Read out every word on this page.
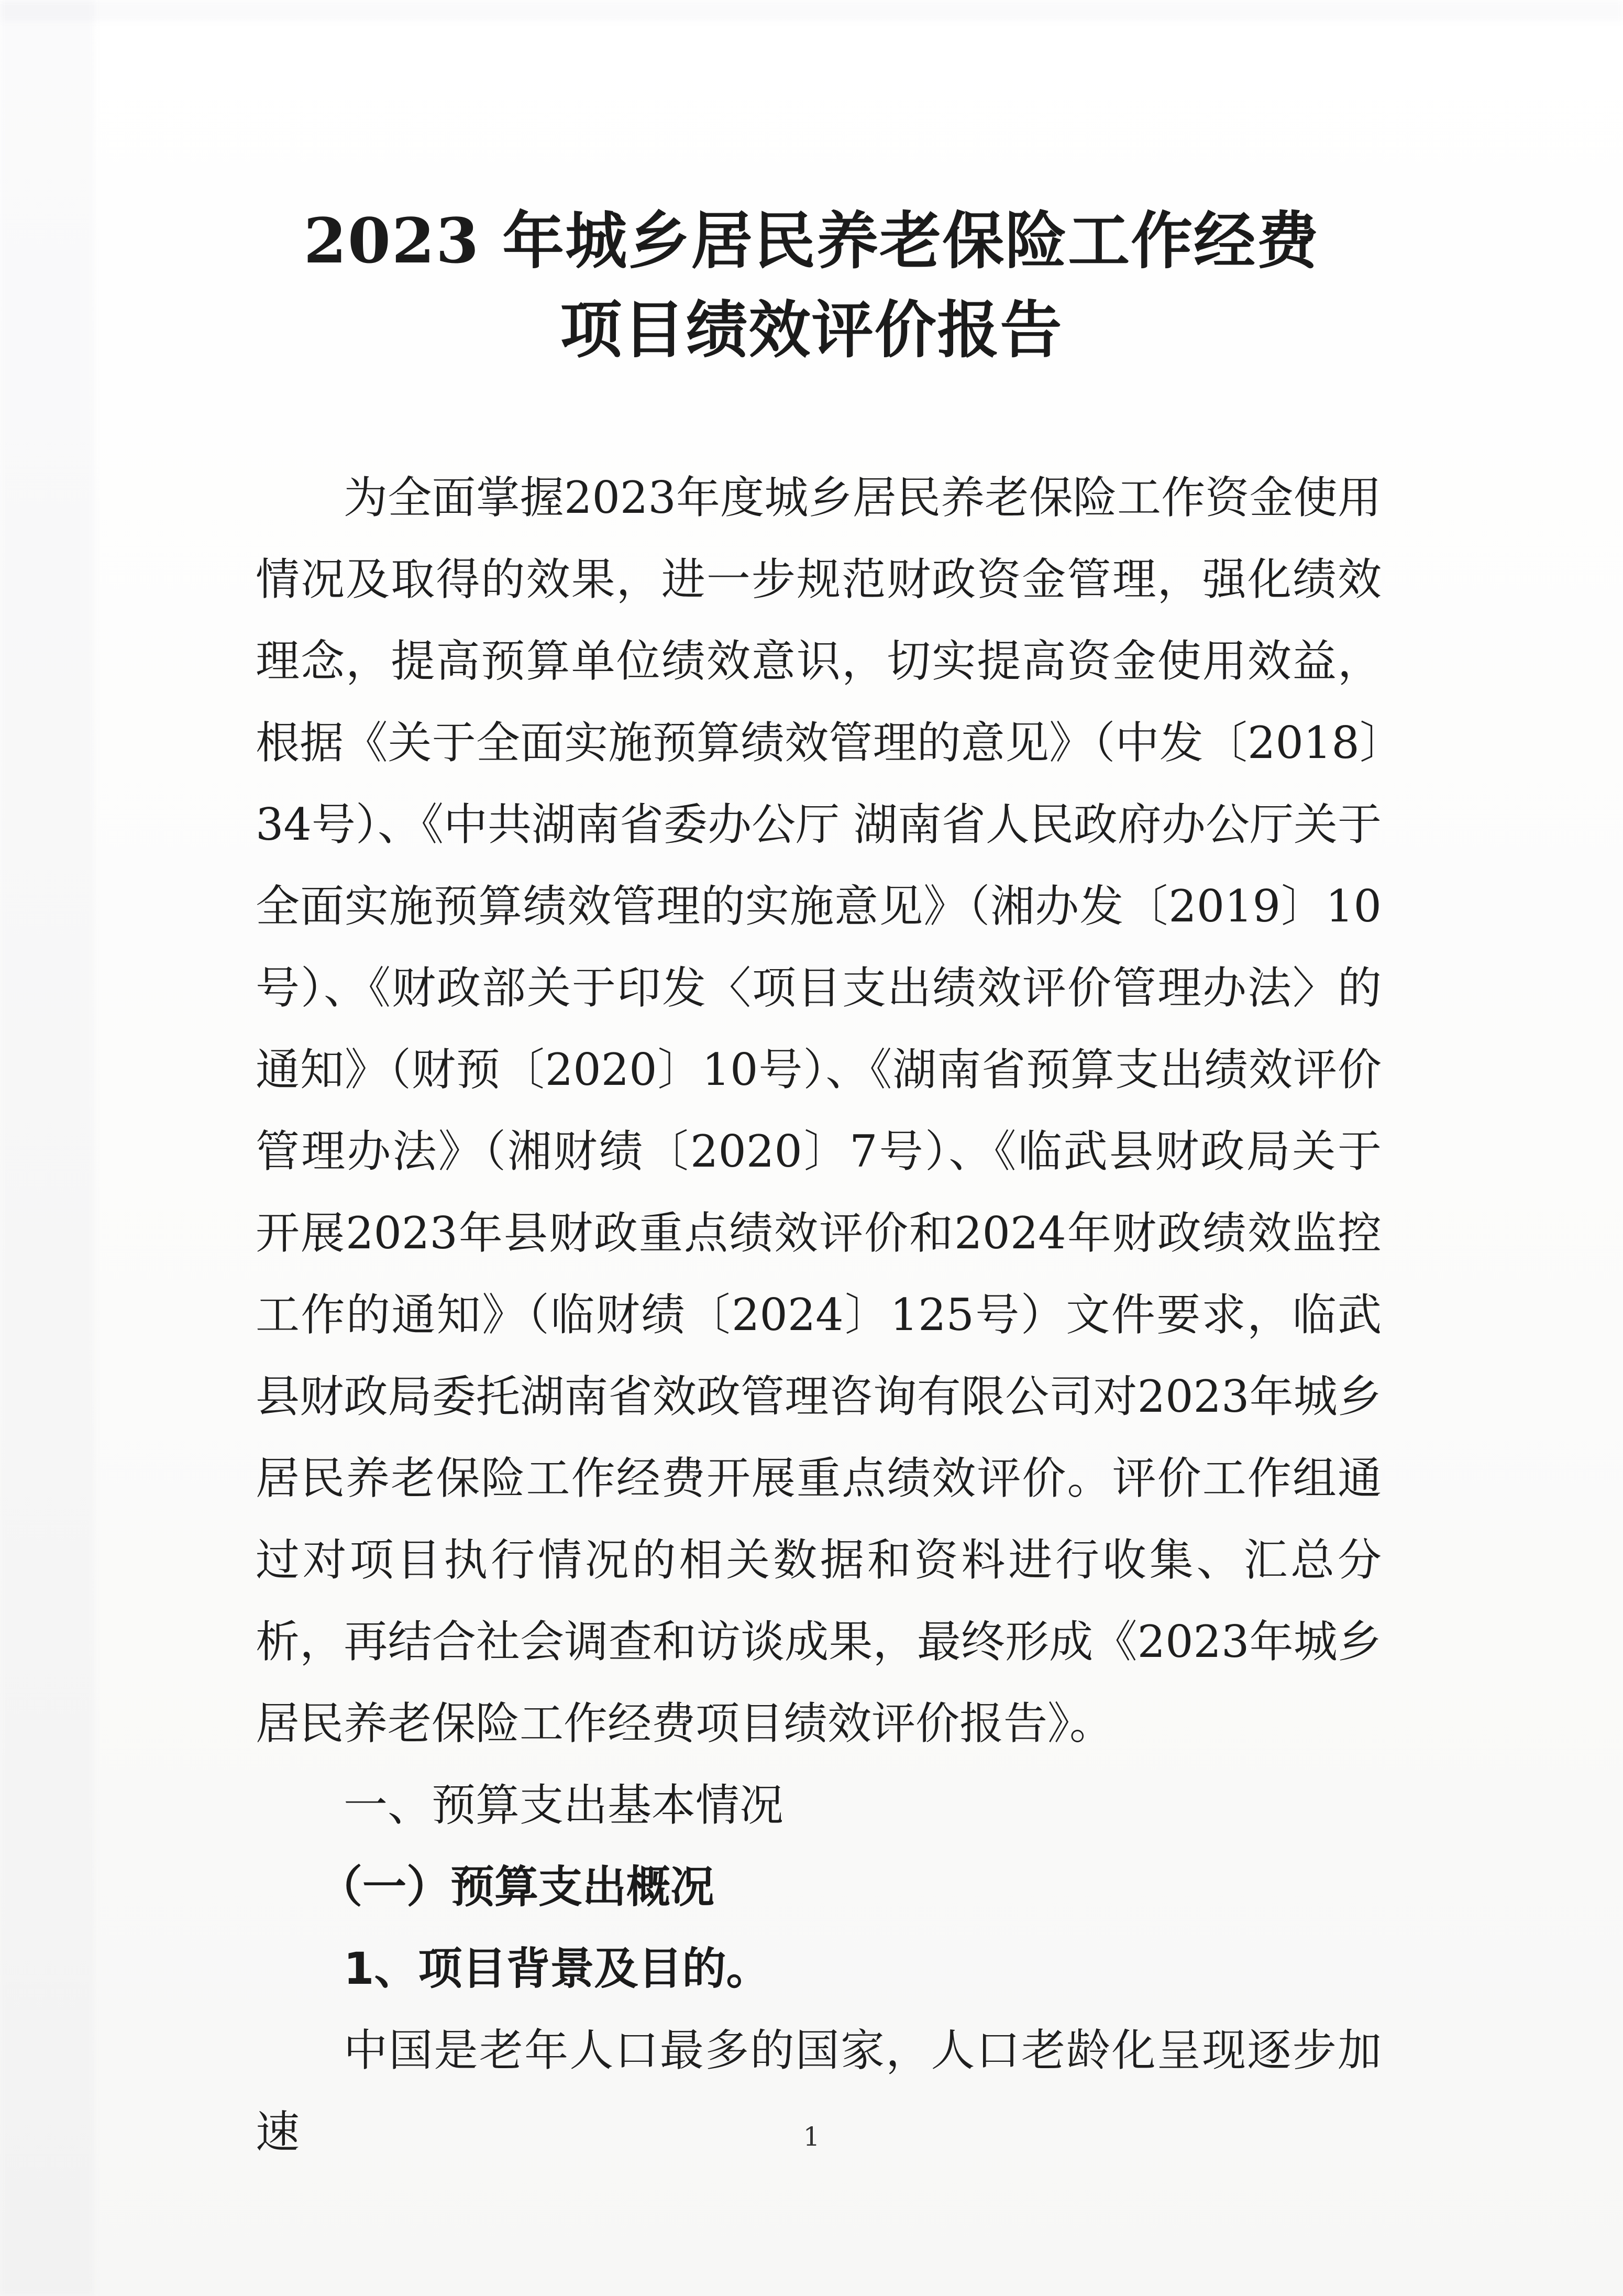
2023 年城乡居民养老保险工作经费
项目绩效评价报告

为全面掌握2023年度城乡居民养老保险工作资金使用情况及取得的效果，进一步规范财政资金管理，强化绩效理念，提高预算单位绩效意识，切实提高资金使用效益，根据《关于全面实施预算绩效管理的意见》（中发〔2018〕34号）、《中共湖南省委办公厅 湖南省人民政府办公厅关于全面实施预算绩效管理的实施意见》（湘办发〔2019〕10号）、《财政部关于印发〈项目支出绩效评价管理办法〉的通知》（财预〔2020〕10号）、《湖南省预算支出绩效评价管理办法》（湘财绩〔2020〕7号）、《临武县财政局关于开展2023年县财政重点绩效评价和2024年财政绩效监控工作的通知》（临财绩〔2024〕125号）文件要求，临武县财政局委托湖南省效政管理咨询有限公司对2023年城乡居民养老保险工作经费开展重点绩效评价。评价工作组通过对项目执行情况的相关数据和资料进行收集、汇总分析，再结合社会调查和访谈成果，最终形成《2023年城乡居民养老保险工作经费项目绩效评价报告》。

一、预算支出基本情况

（一）预算支出概况

1、项目背景及目的。

中国是老年人口最多的国家，人口老龄化呈现逐步加速	1
